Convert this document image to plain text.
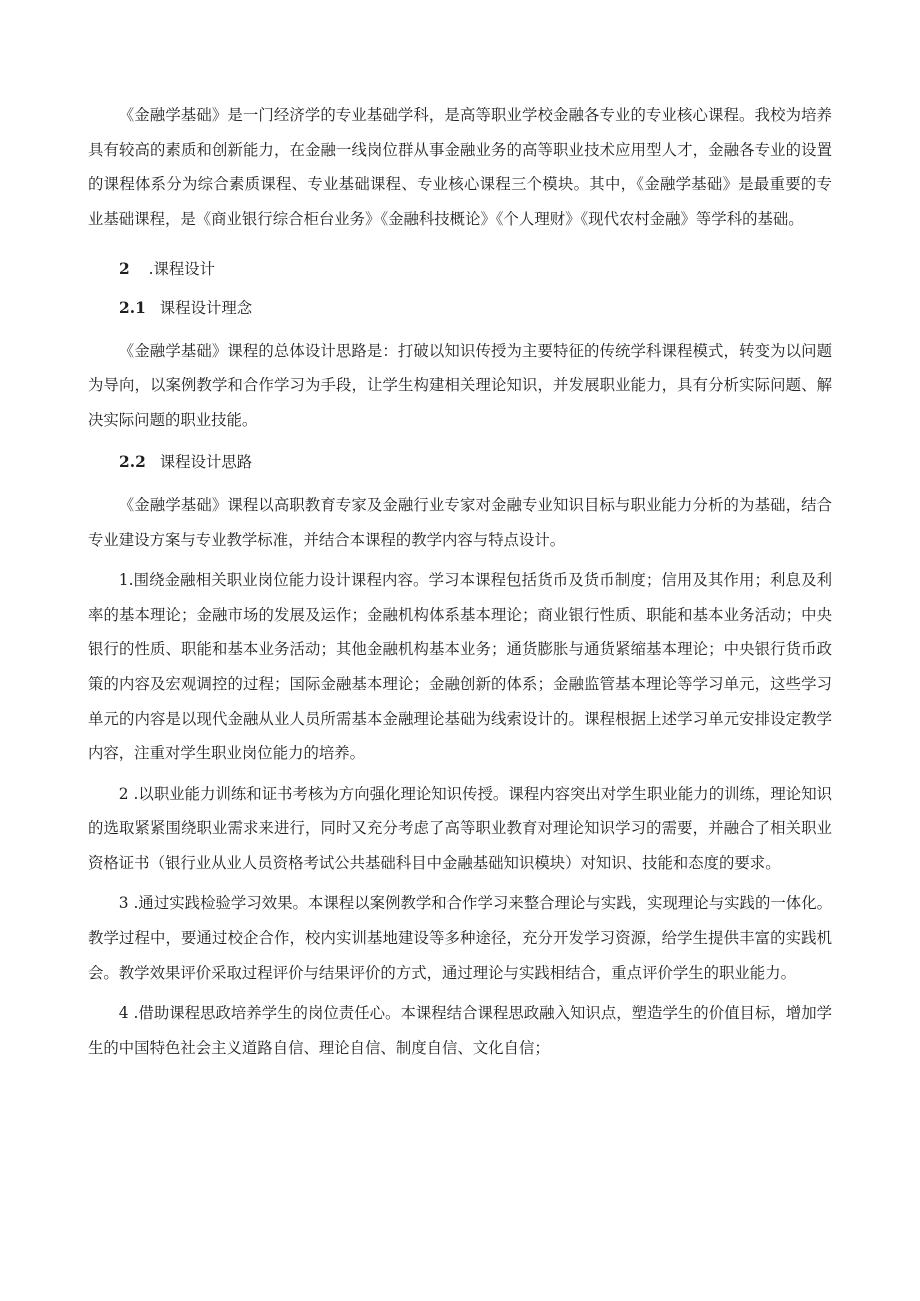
《金融学基础》是一门经济学的专业基础学科，是高等职业学校金融各专业的专业核心课程。我校为培养具有较高的素质和创新能力，在金融一线岗位群从事金融业务的高等职业技术应用型人才，金融各专业的设置的课程体系分为综合素质课程、专业基础课程、专业核心课程三个模块。其中，《金融学基础》是最重要的专业基础课程，是《商业银行综合柜台业务》《金融科技概论》《个人理财》《现代农村金融》等学科的基础。

2 .课程设计
2.1 课程设计理念

《金融学基础》课程的总体设计思路是：打破以知识传授为主要特征的传统学科课程模式，转变为以问题为导向，以案例教学和合作学习为手段，让学生构建相关理论知识，并发展职业能力，具有分析实际问题、解决实际问题的职业技能。

2.2 课程设计思路

《金融学基础》课程以高职教育专家及金融行业专家对金融专业知识目标与职业能力分析的为基础，结合专业建设方案与专业教学标准，并结合本课程的教学内容与特点设计。

1.围绕金融相关职业岗位能力设计课程内容。学习本课程包括货币及货币制度；信用及其作用；利息及利率的基本理论；金融市场的发展及运作；金融机构体系基本理论；商业银行性质、职能和基本业务活动；中央银行的性质、职能和基本业务活动；其他金融机构基本业务；通货膨胀与通货紧缩基本理论；中央银行货币政策的内容及宏观调控的过程；国际金融基本理论；金融创新的体系；金融监管基本理论等学习单元，这些学习单元的内容是以现代金融从业人员所需基本金融理论基础为线索设计的。课程根据上述学习单元安排设定教学内容，注重对学生职业岗位能力的培养。

2 .以职业能力训练和证书考核为方向强化理论知识传授。课程内容突出对学生职业能力的训练，理论知识的选取紧紧围绕职业需求来进行，同时又充分考虑了高等职业教育对理论知识学习的需要，并融合了相关职业资格证书（银行业从业人员资格考试公共基础科目中金融基础知识模块）对知识、技能和态度的要求。

3 .通过实践检验学习效果。本课程以案例教学和合作学习来整合理论与实践，实现理论与实践的一体化。教学过程中，要通过校企合作，校内实训基地建设等多种途径，充分开发学习资源，给学生提供丰富的实践机会。教学效果评价采取过程评价与结果评价的方式，通过理论与实践相结合，重点评价学生的职业能力。

4 .借助课程思政培养学生的岗位责任心。本课程结合课程思政融入知识点，塑造学生的价值目标，增加学生的中国特色社会主义道路自信、理论自信、制度自信、文化自信；
